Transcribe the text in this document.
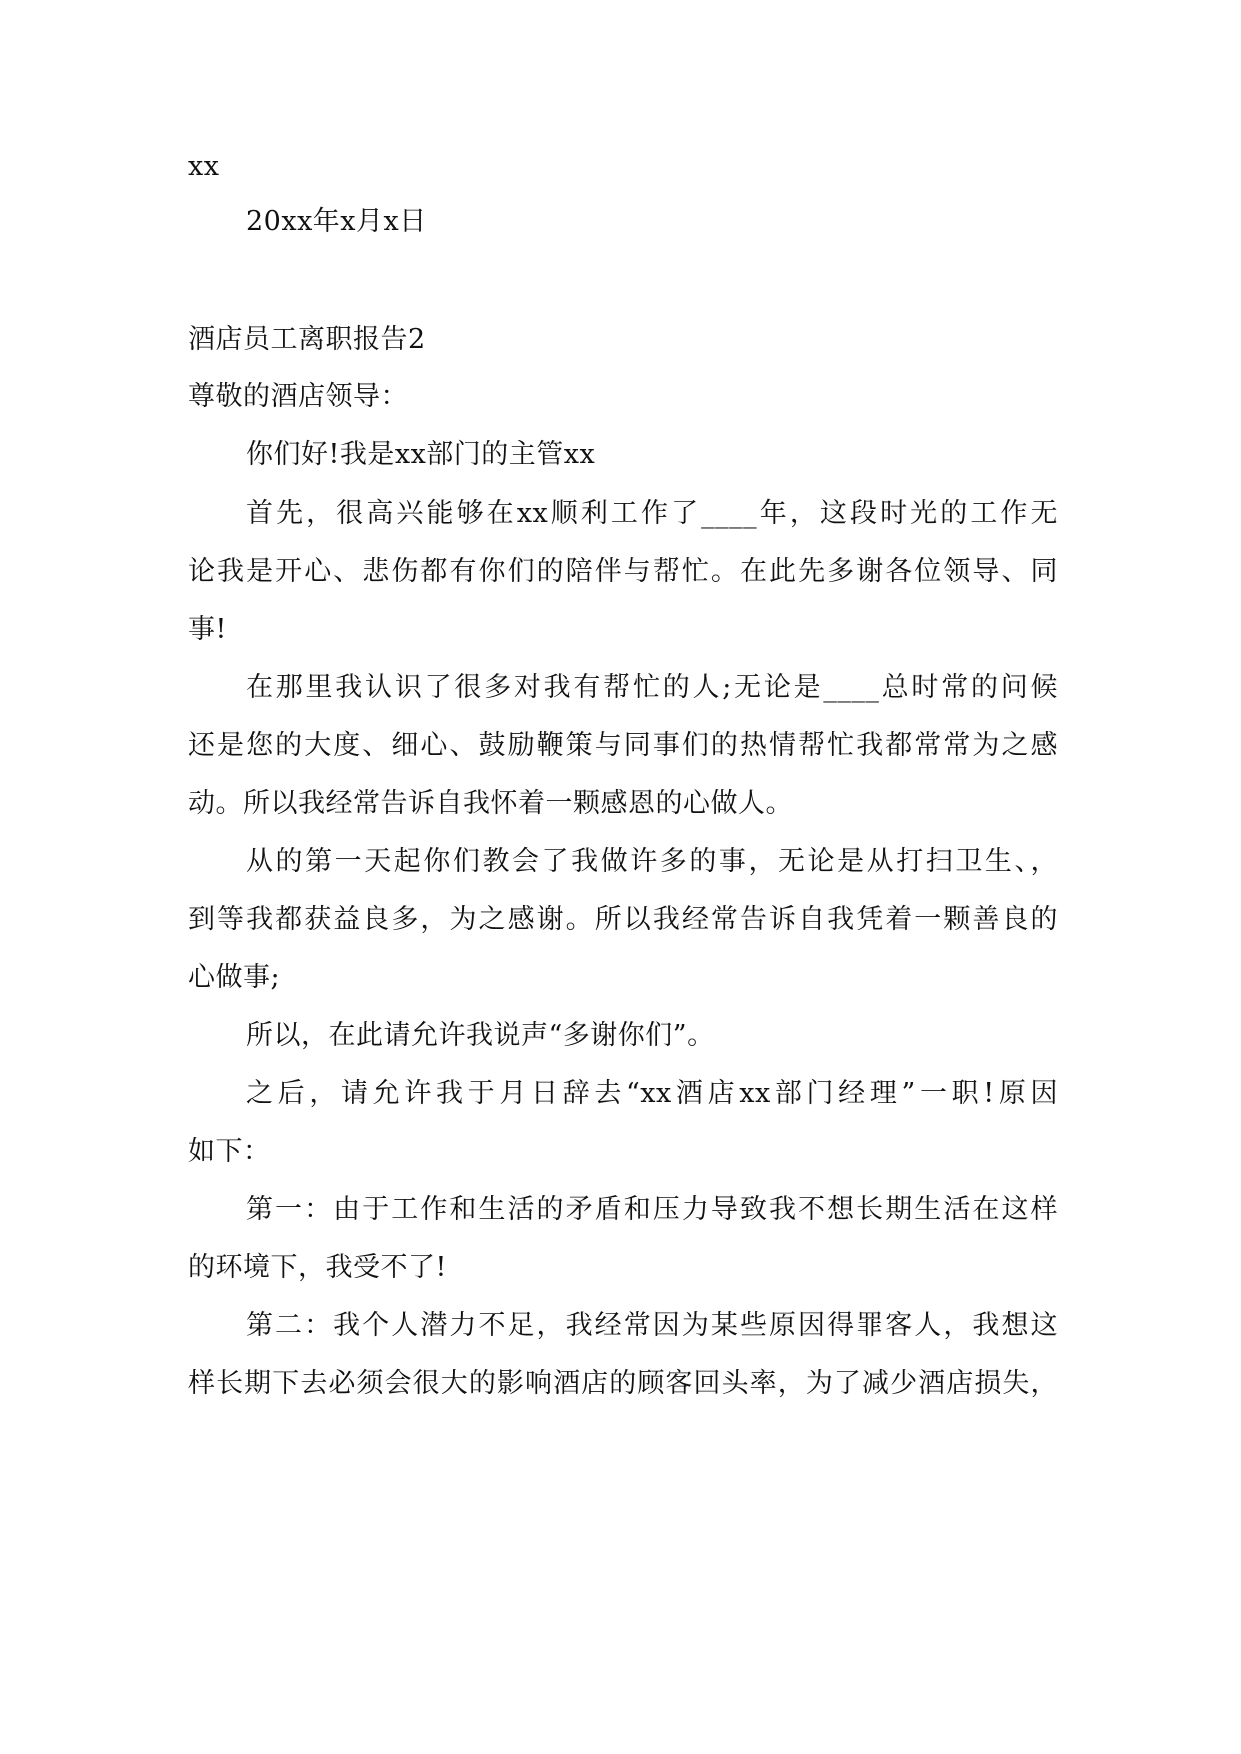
xx
20xx年x月x日
酒店员工离职报告2
尊敬的酒店领导：
你们好!我是xx部门的主管xx
首先，很高兴能够在xx顺利工作了____年，这段时光的工作无
论我是开心、悲伤都有你们的陪伴与帮忙。在此先多谢各位领导、同
事!
在那里我认识了很多对我有帮忙的人;无论是____总时常的问候
还是您的大度、细心、鼓励鞭策与同事们的热情帮忙我都常常为之感
动。所以我经常告诉自我怀着一颗感恩的心做人。
从的第一天起你们教会了我做许多的事，无论是从打扫卫生、，
到等我都获益良多，为之感谢。所以我经常告诉自我凭着一颗善良的
心做事;
所以，在此请允许我说声“多谢你们”。
之后，请允许我于月日辞去“xx酒店xx部门经理”一职!原因
如下：
第一：由于工作和生活的矛盾和压力导致我不想长期生活在这样
的环境下，我受不了!
第二：我个人潜力不足，我经常因为某些原因得罪客人，我想这
样长期下去必须会很大的影响酒店的顾客回头率，为了减少酒店损失，
